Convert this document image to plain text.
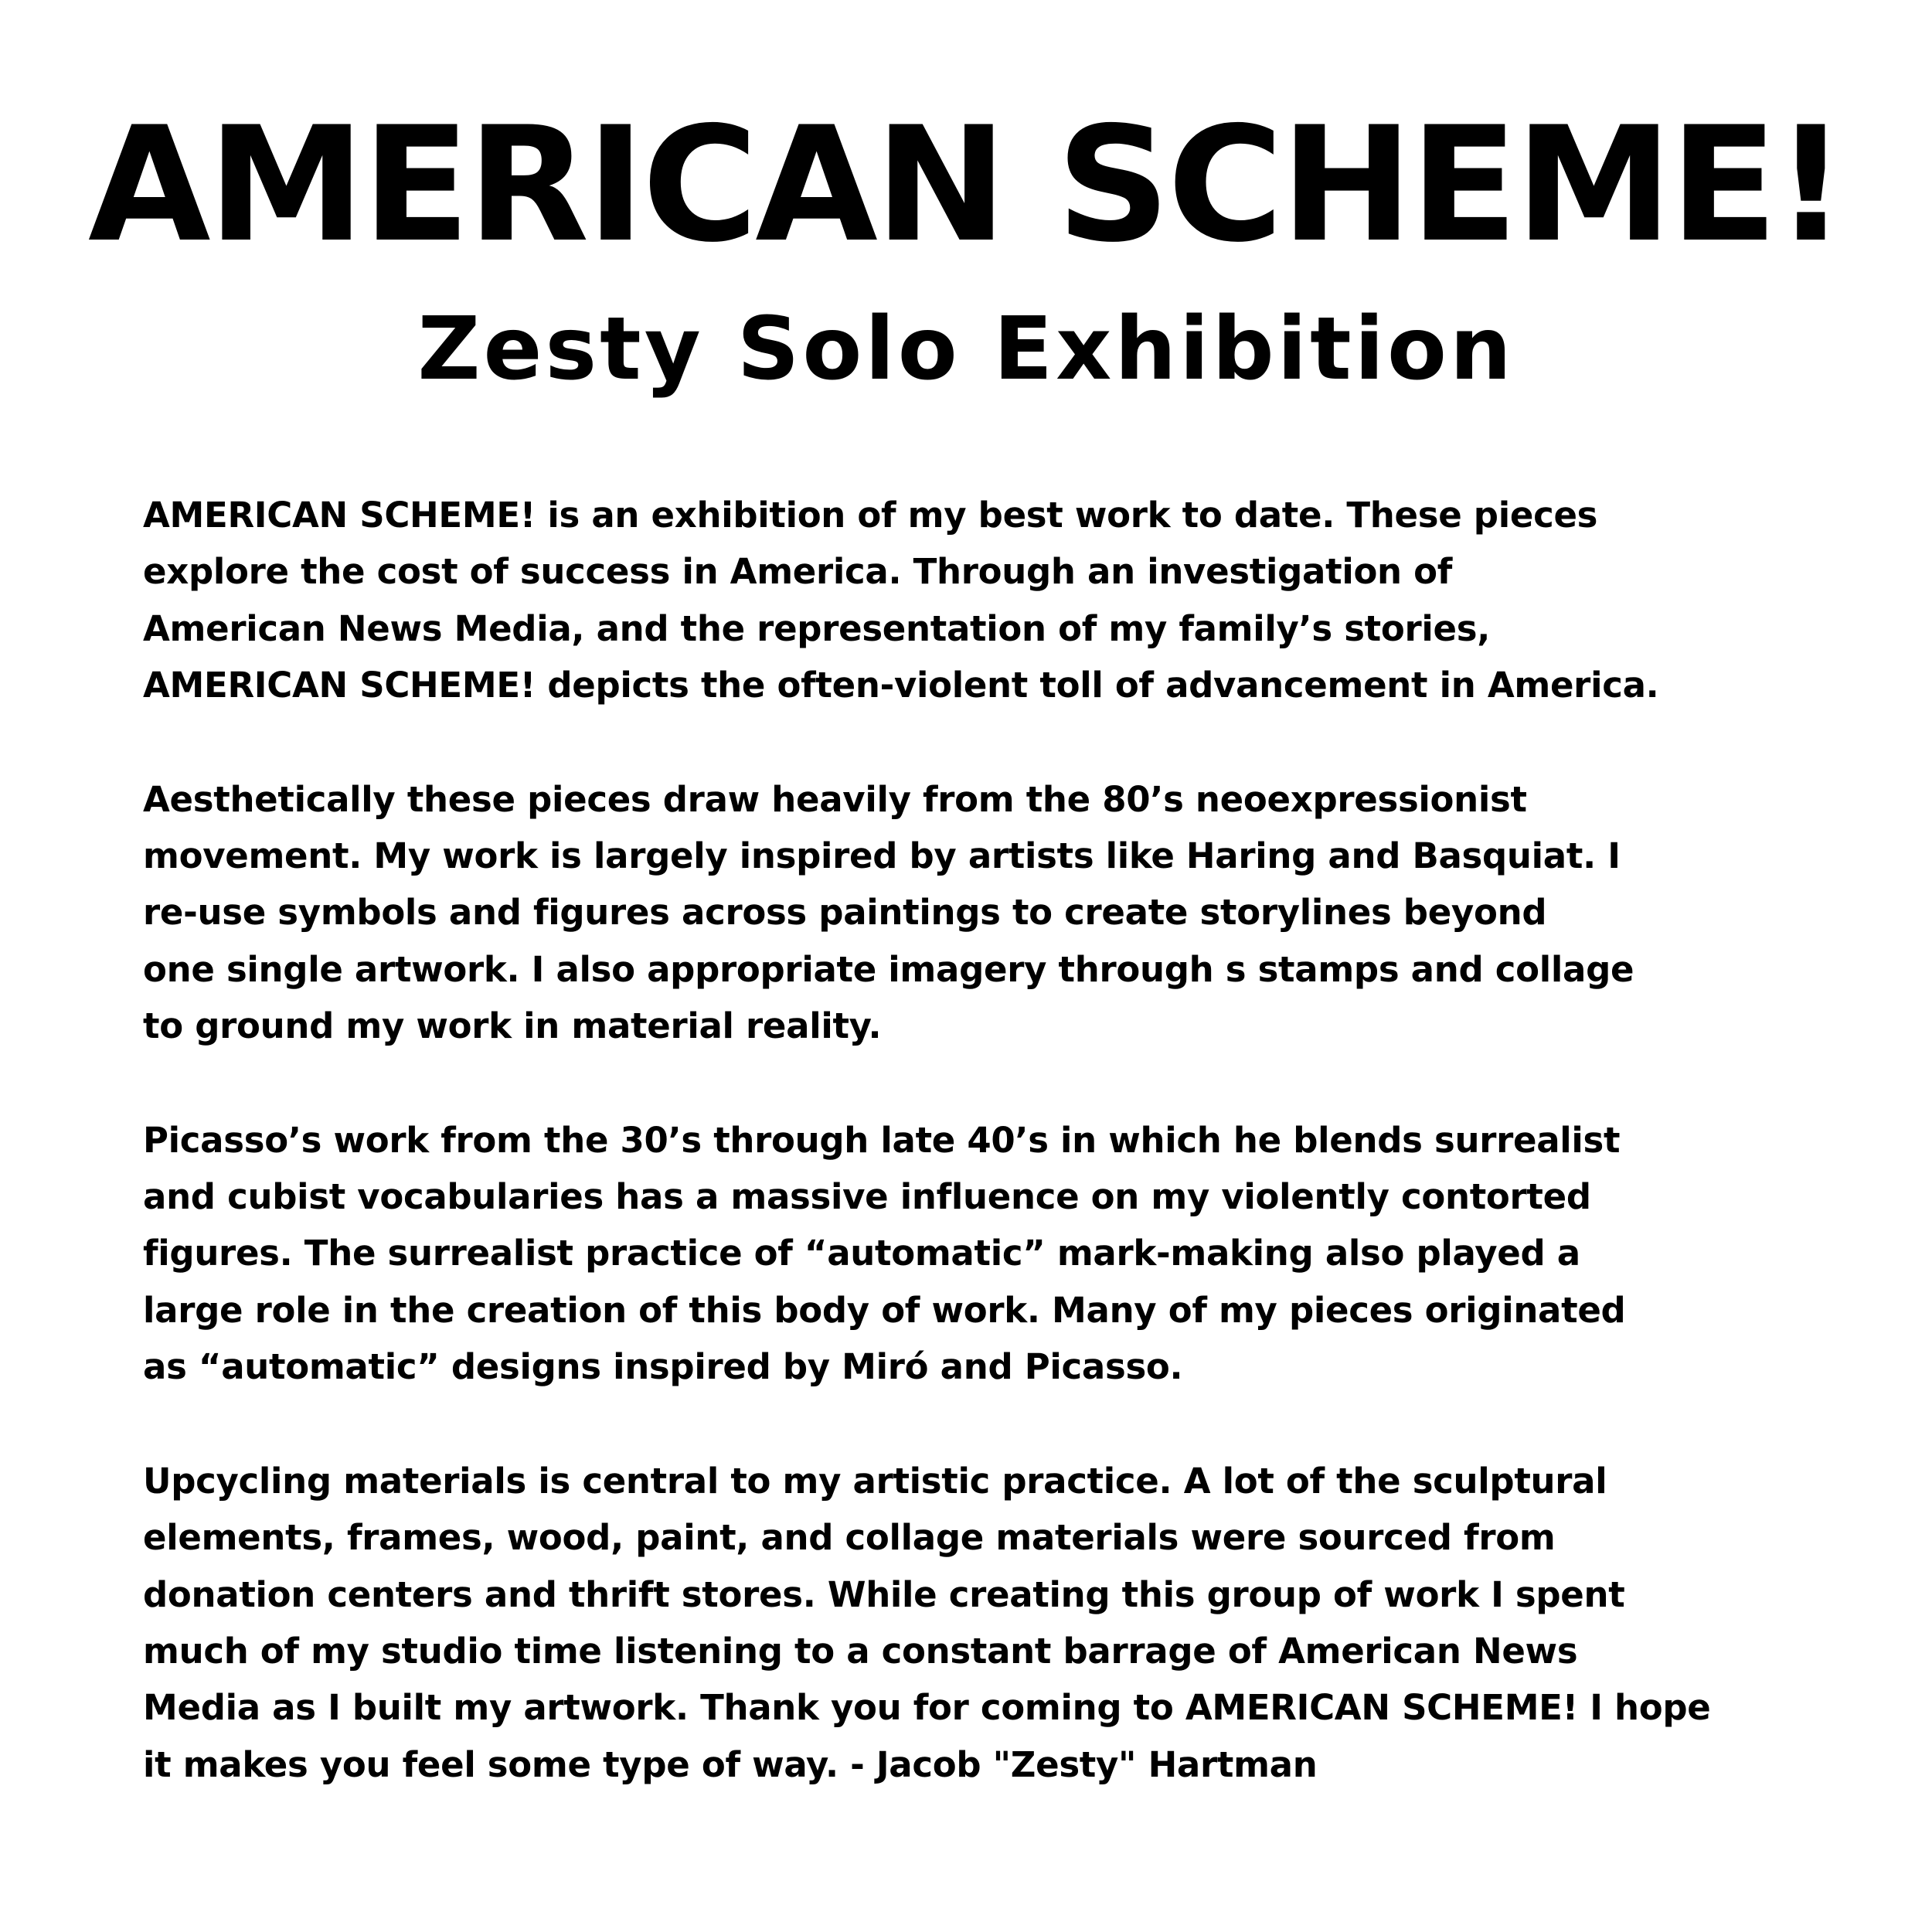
AMERICAN SCHEME!
Zesty Solo Exhibition

AMERICAN SCHEME! is an exhibition of my best work to date. These pieces
explore the cost of success in America. Through an investigation of
American News Media, and the representation of my family’s stories,
AMERICAN SCHEME! depicts the often-violent toll of advancement in America.

Aesthetically these pieces draw heavily from the 80’s neoexpressionist
movement. My work is largely inspired by artists like Haring and Basquiat. I
re-use symbols and figures across paintings to create storylines beyond
one single artwork. I also appropriate imagery through s stamps and collage
to ground my work in material reality.

Picasso’s work from the 30’s through late 40’s in which he blends surrealist
and cubist vocabularies has a massive influence on my violently contorted
figures. The surrealist practice of “automatic” mark-making also played a
large role in the creation of this body of work. Many of my pieces originated
as “automatic” designs inspired by Miró and Picasso.

Upcycling materials is central to my artistic practice. A lot of the sculptural
elements, frames, wood, paint, and collage materials were sourced from
donation centers and thrift stores. While creating this group of work I spent
much of my studio time listening to a constant barrage of American News
Media as I built my artwork. Thank you for coming to AMERICAN SCHEME! I hope
it makes you feel some type of way. - Jacob "Zesty" Hartman
